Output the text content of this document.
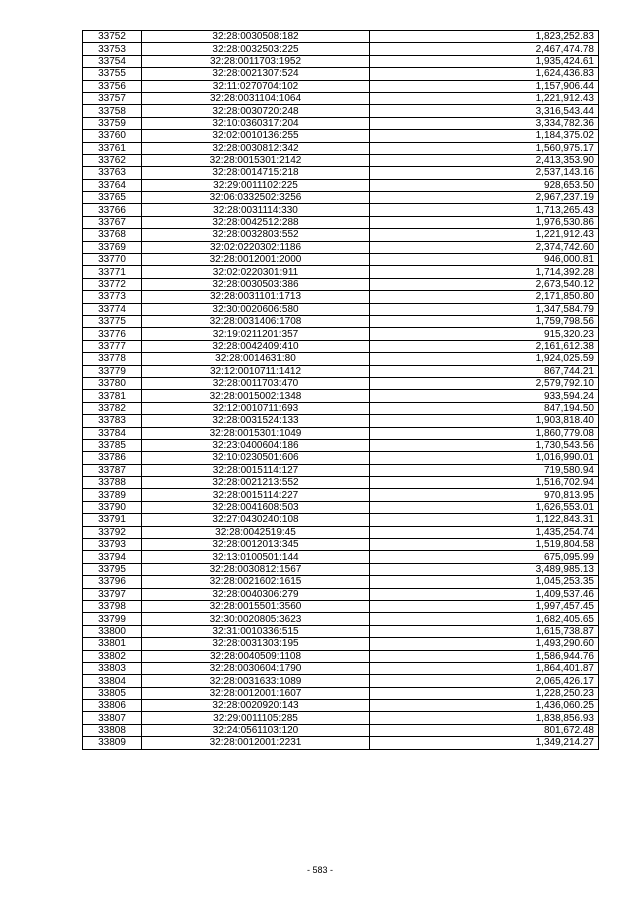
33752	32:28:0030508:182	1,823,252.83
33753	32:28:0032503:225	2,467,474.78
33754	32:28:0011703:1952	1,935,424.61
33755	32:28:0021307:524	1,624,436.83
33756	32:11:0270704:102	1,157,906.44
33757	32:28:0031104:1064	1,221,912.43
33758	32:28:0030720:248	3,316,543.44
33759	32:10:0360317:204	3,334,782.36
33760	32:02:0010136:255	1,184,375.02
33761	32:28:0030812:342	1,560,975.17
33762	32:28:0015301:2142	2,413,353.90
33763	32:28:0014715:218	2,537,143.16
33764	32:29:0011102:225	928,653.50
33765	32:06:0332502:3256	2,967,237.19
33766	32:28:0031114:330	1,713,265.43
33767	32:28:0042512:288	1,976,530.86
33768	32:28:0032803:552	1,221,912.43
33769	32:02:0220302:1186	2,374,742.60
33770	32:28:0012001:2000	946,000.81
33771	32:02:0220301:911	1,714,392.28
33772	32:28:0030503:386	2,673,540.12
33773	32:28:0031101:1713	2,171,850.80
33774	32:30:0020606:580	1,347,584.79
33775	32:28:0031406:1708	1,759,798.56
33776	32:19:0211201:357	915,320.23
33777	32:28:0042409:410	2,161,612.38
33778	32:28:0014631:80	1,924,025.59
33779	32:12:0010711:1412	867,744.21
33780	32:28:0011703:470	2,579,792.10
33781	32:28:0015002:1348	933,594.24
33782	32:12:0010711:693	847,194.50
33783	32:28:0031524:133	1,903,818.40
33784	32:28:0015301:1049	1,860,779.08
33785	32:23:0400604:186	1,730,543.56
33786	32:10:0230501:606	1,016,990.01
33787	32:28:0015114:127	719,580.94
33788	32:28:0021213:552	1,516,702.94
33789	32:28:0015114:227	970,813.95
33790	32:28:0041608:503	1,626,553.01
33791	32:27:0430240:108	1,122,843.31
33792	32:28:0042519:45	1,435,254.74
33793	32:28:0012013:345	1,519,804.58
33794	32:13:0100501:144	675,095.99
33795	32:28:0030812:1567	3,489,985.13
33796	32:28:0021602:1615	1,045,253.35
33797	32:28:0040306:279	1,409,537.46
33798	32:28:0015501:3560	1,997,457.45
33799	32:30:0020805:3623	1,682,405.65
33800	32:31:0010336:515	1,615,738.87
33801	32:28:0031303:195	1,493,290.60
33802	32:28:0040509:1108	1,586,944.76
33803	32:28:0030604:1790	1,864,401.87
33804	32:28:0031633:1089	2,065,426.17
33805	32:28:0012001:1607	1,228,250.23
33806	32:28:0020920:143	1,436,060.25
33807	32:29:0011105:285	1,838,856.93
33808	32:24:0561103:120	801,672.48
33809	32:28:0012001:2231	1,349,214.27
- 583 -
